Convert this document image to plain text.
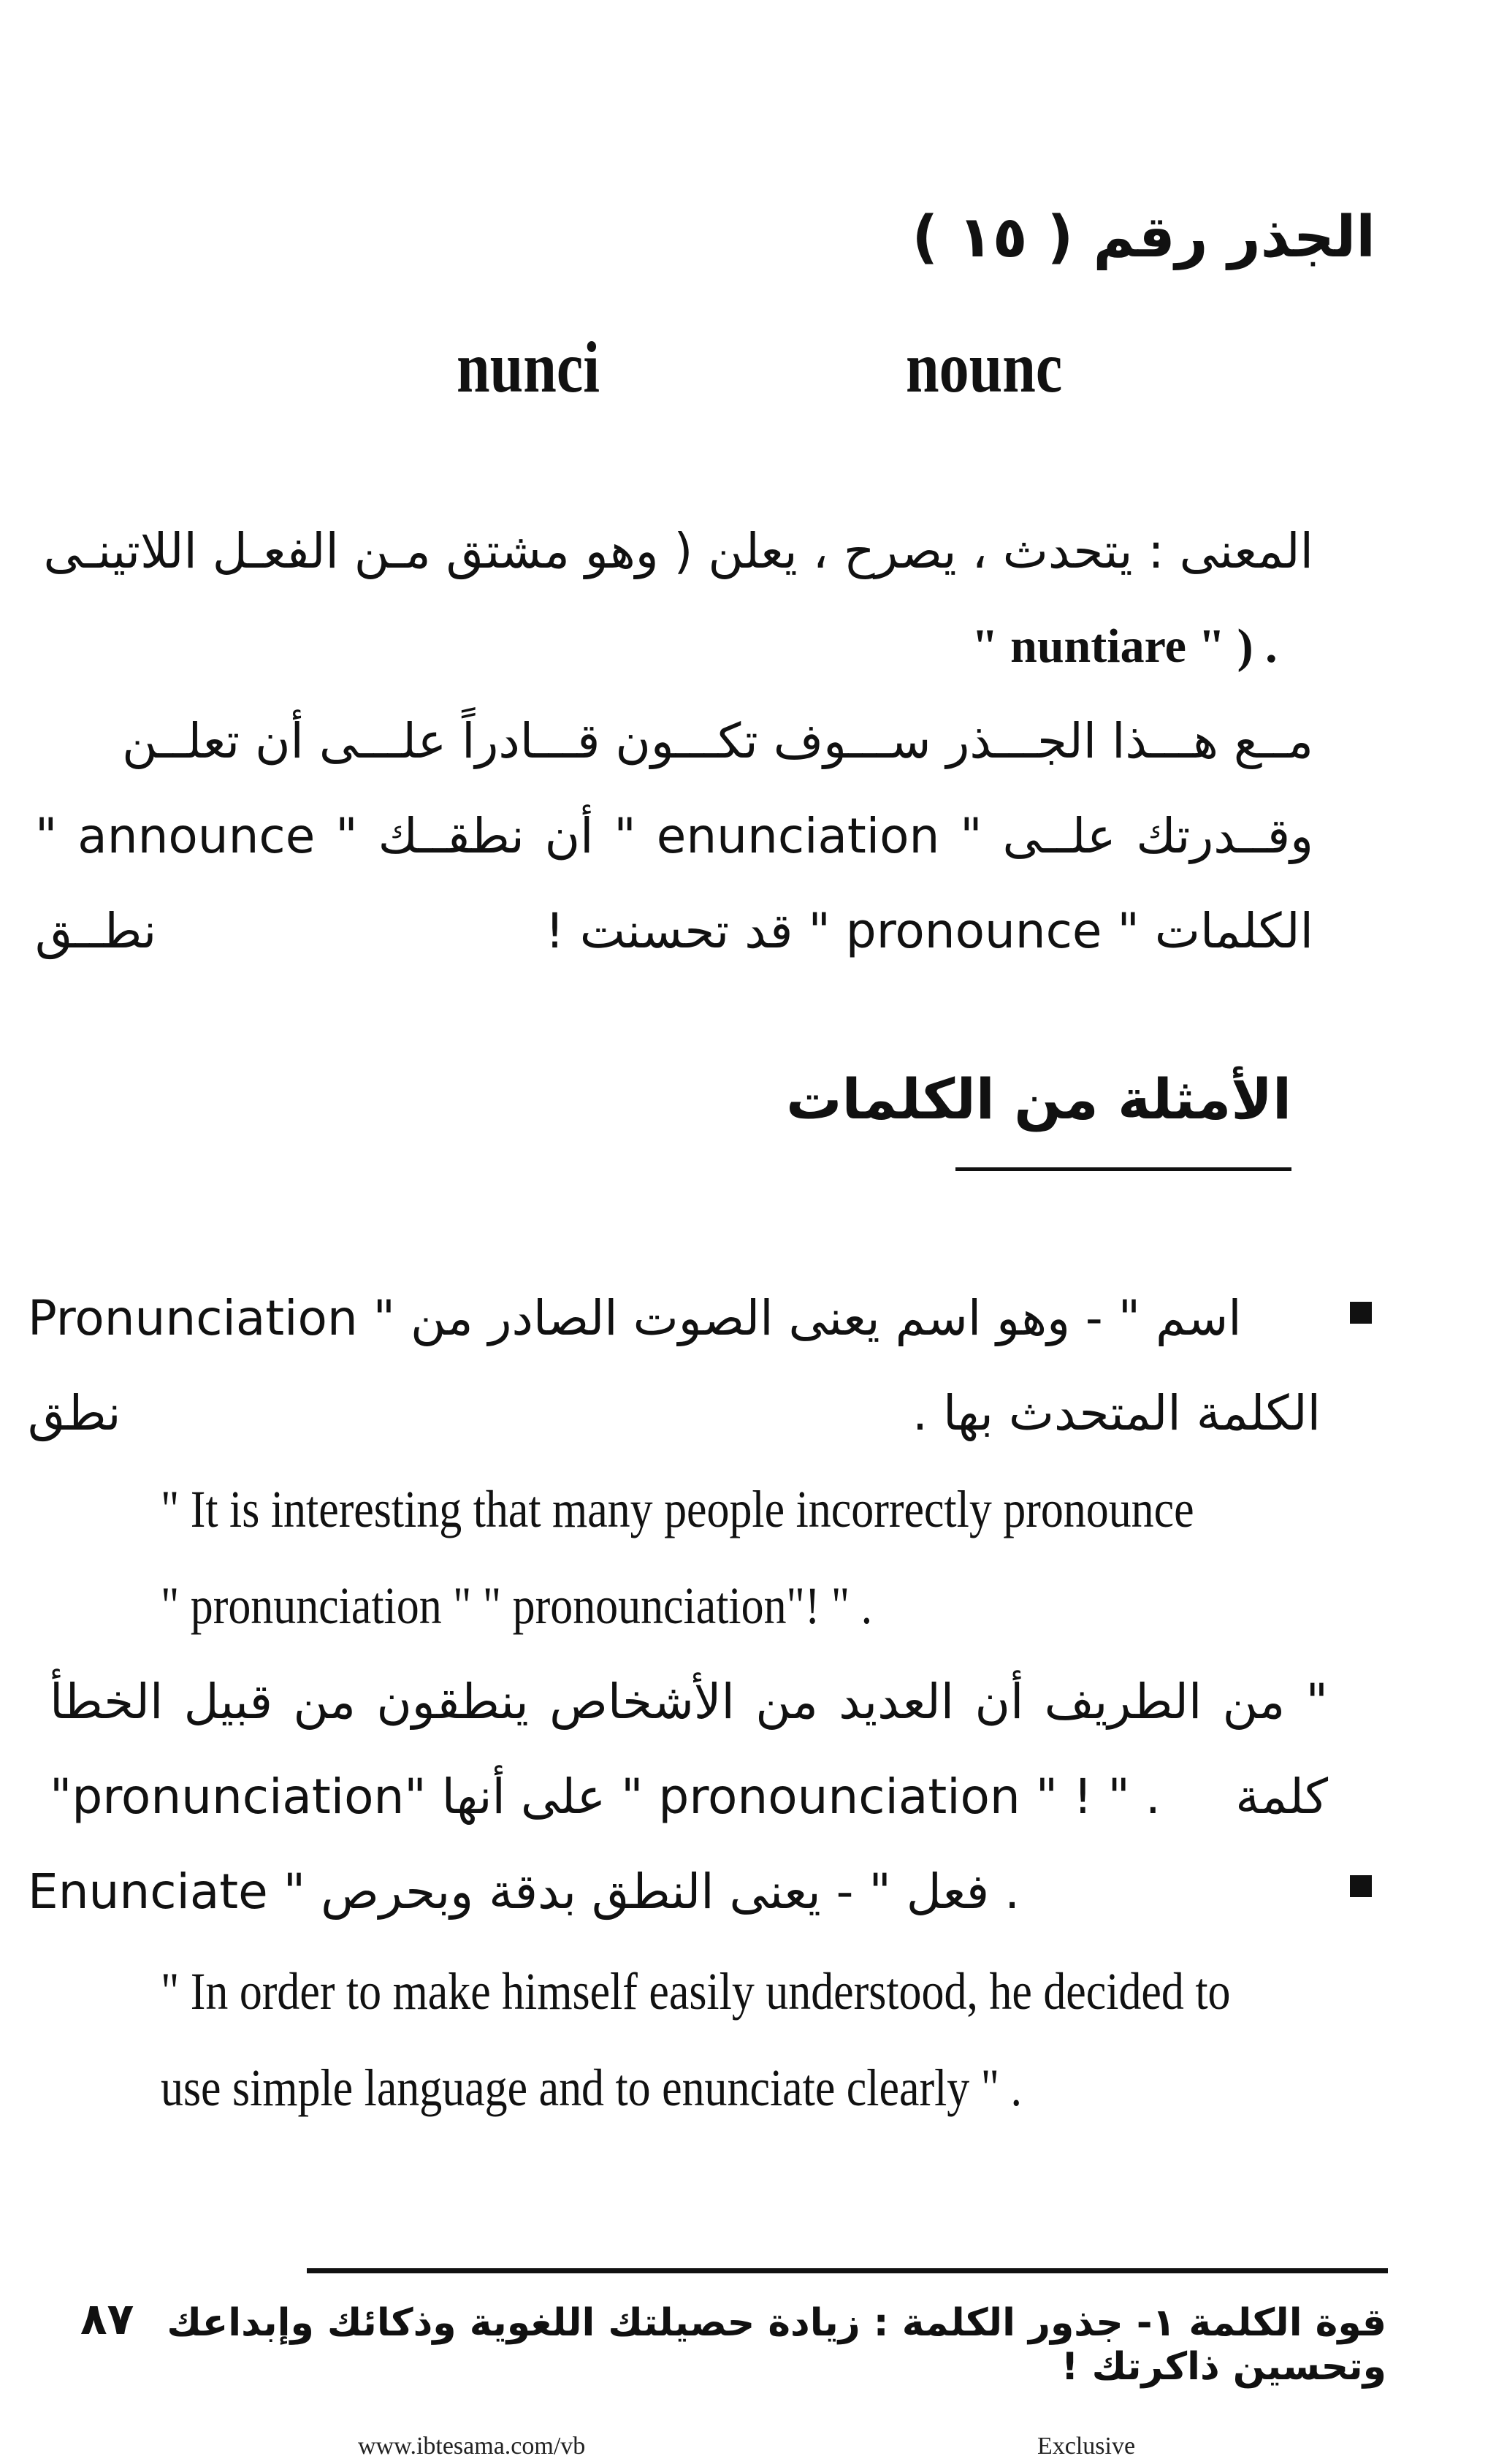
الجذر رقم ( ١٥ )
nounc
nunci
المعنى : يتحدث ، يصرح ، يعلن ( وهو مشتق مـن الفعـل اللاتينـى
" nuntiare " ) .
مــع هـــذا الجـــذر ســـوف تكـــون قـــادراً علـــى أن تعلــن
" announce " أن نطقــك " enunciation " وقــدرتك علــى نطــق	الكلمات " pronounce " قد تحسنت !
الأمثلة من الكلمات
Pronunciation " اسم " - وهو اسم يعنى الصوت الصادر من نطق	الكلمة المتحدث بها .
" It is interesting that many people incorrectly pronounce
" pronunciation " " pronounciation"! " .
" من الطريف أن العديد من الأشخاص ينطقون من قبيل الخطأ كلمة
"pronunciation" على أنها " pronounciation " ! " .
Enunciate " فعل " - يعنى النطق بدقة وبحرص .
" In order to make himself easily understood, he decided to
use simple language and to enunciate clearly " .
قوة الكلمة ١- جذور الكلمة : زيادة حصيلتك اللغوية وذكائك وإبداعك وتحسين ذاكرتك !
٨٧
www.ibtesama.com/vb	Exclusive
